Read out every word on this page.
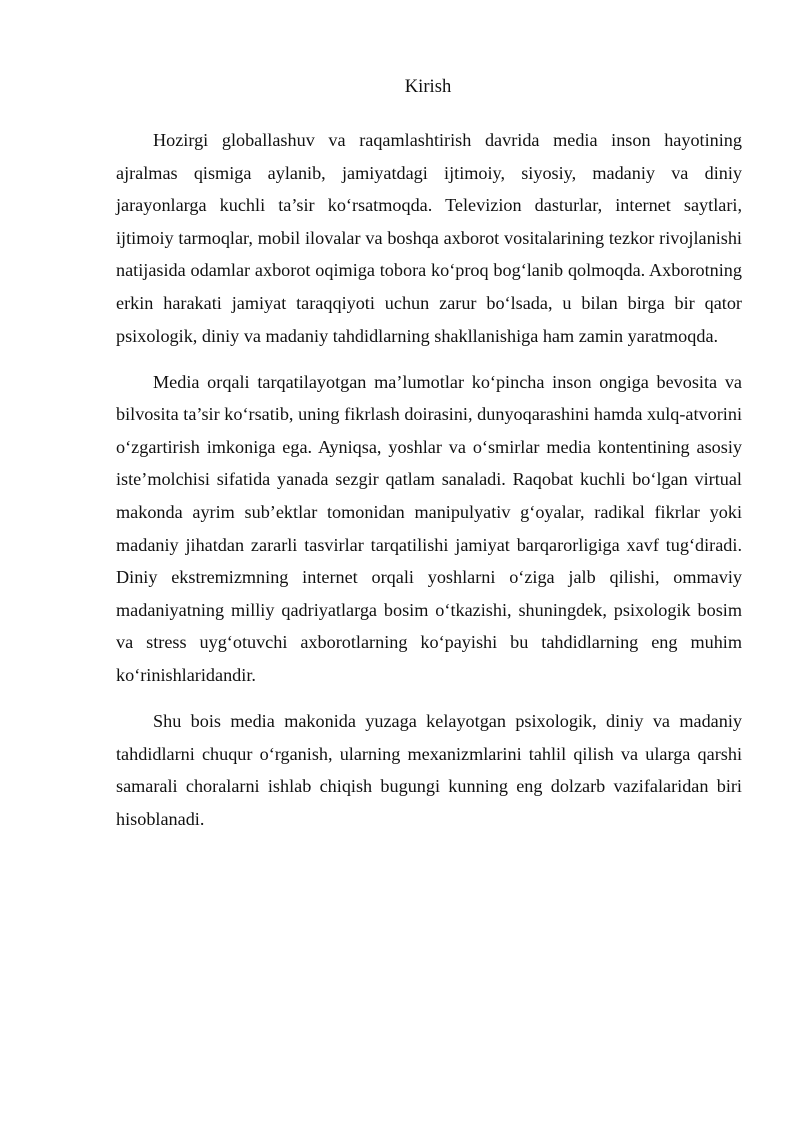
Kirish

Hozirgi globallashuv va raqamlashtirish davrida media inson hayotining ajralmas qismiga aylanib, jamiyatdagi ijtimoiy, siyosiy, madaniy va diniy jarayonlarga kuchli ta’sir ko‘rsatmoqda. Televizion dasturlar, internet saytlari, ijtimoiy tarmoqlar, mobil ilovalar va boshqa axborot vositalarining tezkor rivojlanishi natijasida odamlar axborot oqimiga tobora ko‘proq bog‘lanib qolmoqda. Axborotning erkin harakati jamiyat taraqqiyoti uchun zarur bo‘lsada, u bilan birga bir qator psixologik, diniy va madaniy tahdidlarning shakllanishiga ham zamin yaratmoqda.

Media orqali tarqatilayotgan ma’lumotlar ko‘pincha inson ongiga bevosita va bilvosita ta’sir ko‘rsatib, uning fikrlash doirasini, dunyoqarashini hamda xulq-atvorini o‘zgartirish imkoniga ega. Ayniqsa, yoshlar va o‘smirlar media kontentining asosiy iste’molchisi sifatida yanada sezgir qatlam sanaladi. Raqobat kuchli bo‘lgan virtual makonda ayrim sub’ektlar tomonidan manipulyativ g‘oyalar, radikal fikrlar yoki madaniy jihatdan zararli tasvirlar tarqatilishi jamiyat barqarorligiga xavf tug‘diradi. Diniy ekstremizmning internet orqali yoshlarni o‘ziga jalb qilishi, ommaviy madaniyatning milliy qadriyatlarga bosim o‘tkazishi, shuningdek, psixologik bosim va stress uyg‘otuvchi axborotlarning ko‘payishi bu tahdidlarning eng muhim ko‘rinishlaridandir.

Shu bois media makonida yuzaga kelayotgan psixologik, diniy va madaniy tahdidlarni chuqur o‘rganish, ularning mexanizmlarini tahlil qilish va ularga qarshi samarali choralarni ishlab chiqish bugungi kunning eng dolzarb vazifalaridan biri hisoblanadi.
